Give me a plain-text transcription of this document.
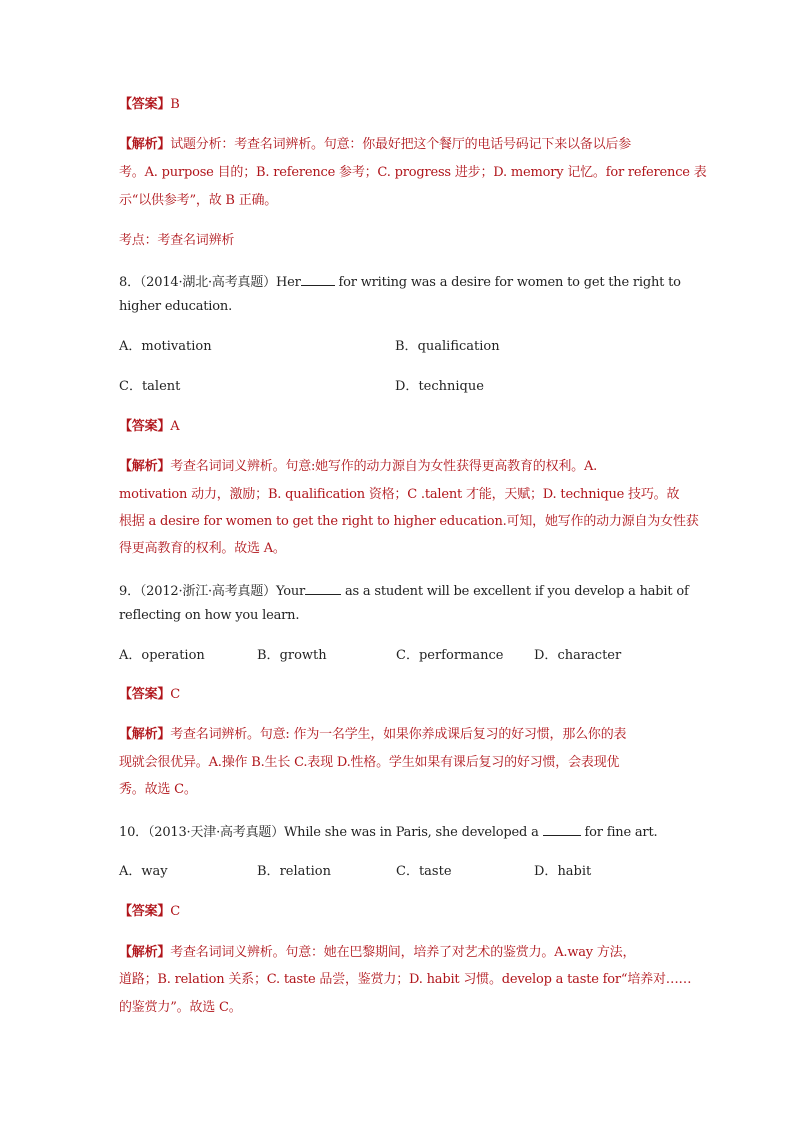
【答案】B
【解析】试题分析：考查名词辨析。句意：你最好把这个餐厅的电话号码记下来以备以后参
考。A. purpose 目的；B. reference 参考；C. progress 进步；D. memory 记忆。for reference 表
示“以供参考”，故 B 正确。
考点：考查名词辨析
8．（2014·湖北·高考真题）Her	for writing was a desire for women to get the right to
higher education.
A．motivation	B．qualification
C．talent	D．technique
【答案】A
【解析】考查名词词义辨析。句意:她写作的动力源自为女性获得更高教育的权利。A.
motivation 动力，激励；B. qualification 资格；C .talent 才能，天赋；D. technique 技巧。故
根据 a desire for women to get the right to higher education.可知，她写作的动力源自为女性获
得更高教育的权利。故选 A。
9．（2012·浙江·高考真题）Your	as a student will be excellent if you develop a habit of
reflecting on how you learn.
A．operation	B．growth	C．performance D．character
【答案】C
【解析】考查名词辨析。句意: 作为一名学生，如果你养成课后复习的好习惯，那么你的表
现就会很优异。A.操作 B.生长 C.表现 D.性格。学生如果有课后复习的好习惯，会表现优
秀。故选 C。
10．（2013·天津·高考真题）While she was in Paris, she developed a	for fine art.
A．way	B．relation	C．taste	D．habit
【答案】C
【解析】考查名词词义辨析。句意：她在巴黎期间，培养了对艺术的鉴赏力。A.way 方法，
道路；B. relation 关系；C. taste 品尝，鉴赏力；D. habit 习惯。develop a taste for“培养对……
的鉴赏力”。故选 C。
